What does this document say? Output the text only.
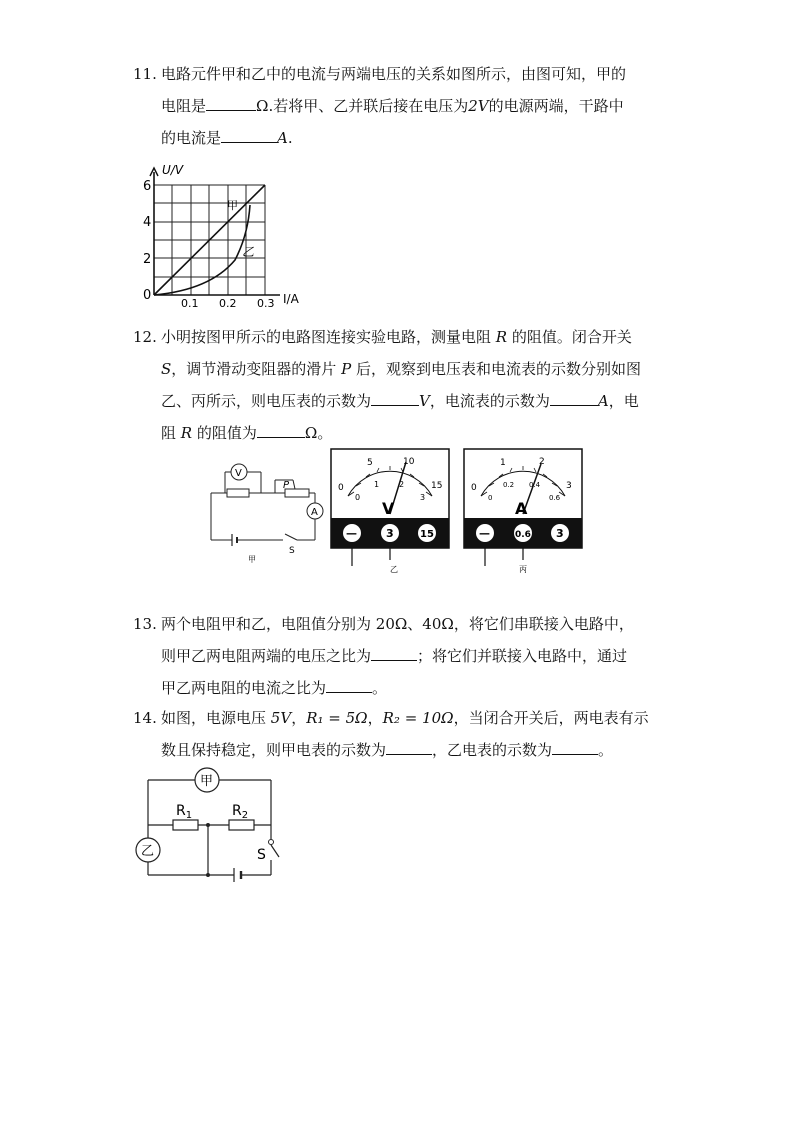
11. 电路元件甲和乙中的电流与两端电压的关系如图所示，由图可知，甲的
电阻是	Ω.若将甲、乙并联后接在电压为2V的电源两端，干路中
的电流是	A.
U/V
I/A
0
2
4
6
0.1 0.2 0.3
甲
乙
12. 小明按图甲所示的电路图连接实验电路，测量电阻 R 的阻值。闭合开关
S，调节滑动变阻器的滑片 P 后，观察到电压表和电流表的示数分别如图
乙、丙所示，则电压表的示数为	V，电流表的示数为	A，电
阻 R 的阻值为	Ω。
V
A
P
S
甲
0
5	10
15
0
1 2
3
V
—	3	15
乙
0
1	2
3
0
0.2 0.4
0.6
A
—	0.6 3
丙
13. 两个电阻甲和乙，电阻值分别为 20Ω、40Ω，将它们串联接入电路中，
则甲乙两电阻两端的电压之比为	；将它们并联接入电路中，通过
甲乙两电阻的电流之比为	。
14. 如图，电源电压 5V，R₁ = 5Ω，R₂ = 10Ω，当闭合开关后，两电表有示
数且保持稳定，则甲电表的示数为	，乙电表的示数为	。
$R_1$	$R_2$
甲
乙	S
